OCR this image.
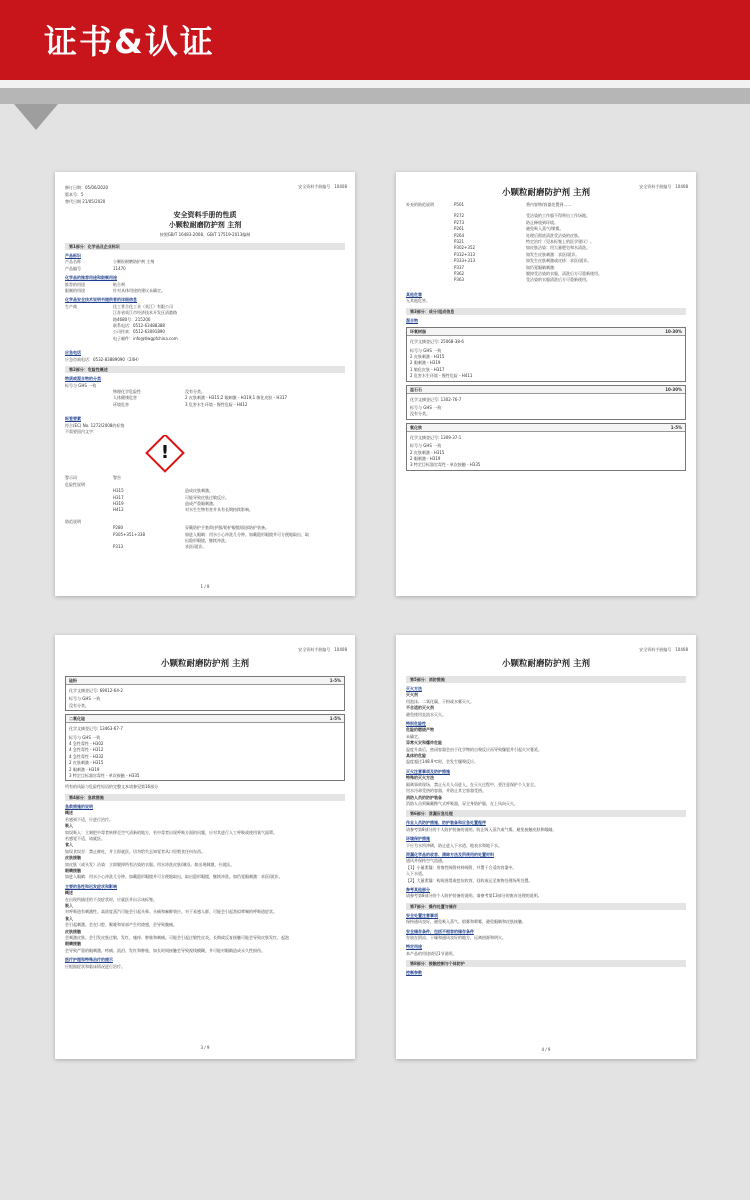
证书&认证
修订日期：05/06/2020
版本号：5
替代日期 21/05/2020
安全资料手册编号　10408
安全资料手册的性质
小颗粒耐磨防护剂 主剂
按照GB/T 16483-2008、GB/T 17519-2013编制
第1部分：化学品及企业标识
产品标识
产品名称	小颗粒耐磨防护剂 主剂
产品编号	11470
化学品的推荐用途和限制用途
推荐的用途	粘合剂
限制的用途	针对具体用途的建议未确定。
化学品安全技术说明书提供者的详细信息
生产商	佳工普合化工业（英江）有限公司
江苏省英江市经济技术开发区清港路
路4680号：215200
联系电话：0512-63488388
公司传真：0512-63091890
电子邮件：info@tlwgpfchina.com
应急电话
应急咨询电话：0532-83889090（24H）
第2部分：危险性概述
物质或混合物的分类
标号与 GHS 一致
物理化学危险性	没有分类。
人体健康危害	2 皮肤刺激 - H315;2 眼刺激 - H319;1 敏化皮肤 - H317
环境危害	3 危害水生环境 - 慢性危险 - H412
标签要素
符合(EC) No. 1272/2008的标签
不需要国内文字：
!
警示词	警告
危险性说明
H315	造成皮肤刺激。
H317	可能导致皮肤过敏反应。
H319	造成严重眼刺激。
H412	对水生生物有害并具有长期持续影响。
防范说明
P280	穿戴防护手套/防护服/防护眼镜/面部防护装备。
P305+351+338	如进入眼睛：用水小心冲洗几分钟。如戴隐形眼镜并可方便地取出，取
出隐形眼镜，继续冲洗。
P313	求医/就诊。
1 / 9
安全资料手册编号　10408
小颗粒耐磨防护剂 主剂
补充的防范说明	P501	将内容物/容器处置到……
P272	受沾染的工作服不得带出工作场地。
P273	防止释放到环境。
P261	避免吸入蒸气/喷雾。
P264	处理后彻底清洗受沾染的皮肤。
P321	特定治疗（见本标签上的医学建议）。
P302+352	如皮肤沾染：用大量肥皂和水清洗。
P332+313	如发生皮肤刺激：求医/就诊。
P333+313	如发生皮肤刺激或皮疹：求医/就诊。
P337	如仍觉眼睛刺激：
P362	脱掉受沾染的衣服，清洗后方可重新使用。
P363	受沾染的衣服清洗后方可重新使用。
其他危害
无其他危害。
第3部分：成分/组成信息
混合物
环氧树脂	10-30%
化学文摘登记号: 25068-38-6
标号与 GHS 一致
2 皮肤刺激 - H315
2 眼刺激 - H319
1 敏化皮肤 - H317
2 危害水生环境 - 慢性危险 - H411
温石石	10-30%
化学文摘登记号: 1302-76-7
标号与 GHS 一致
没有分类。
氧化铁	1-5%
化学文摘登记号: 1309-37-1
标号与 GHS 一致
2 皮肤刺激 - H315
2 眼刺激 - H319
3 特定目标器官毒性 - 单次接触 - H335
安全资料手册编号　10408
小颗粒耐磨防护剂 主剂
硅粉	1-5%
化学文摘登记号: 69012-64-2
标号与 GHS 一致
没有分类。
二氧化硅	1-5%
化学文摘登记号: 13463-67-7
标号与 GHS 一致
4 急性毒性 - H302
4 急性毒性 - H312
4 急性毒性 - H332
2 皮肤刺激 - H315
2 眼刺激 - H319
3 特定目标器官毒性 - 单次接触 - H335
所有的风险与危险性短语的完整文本请参见第16部分
第4部分：急救措施
急救措施的说明
概述
若感到不适，应进行治疗。
吸入
如误吸入：立刻把中毒者转移至空气清新的地方，若中毒者出现呼吸方面的问题，应对其进行人工呼吸或使用氧气面罩。
若感觉不适，请就医。
食入
如误食误吞：禁止催吐，并立即就医。切勿给失去知觉者从口里喂食任何东西。
皮肤接触
如皮肤（或头发）沾染：立即脱掉所有沾染的衣服。用水冲洗皮肤/淋浴。如出现刺激，应就医。
眼睛接触
如进入眼睛：用水小心冲洗几分钟。如戴隐形眼镜并可方便地取出，取出隐形眼镜，继续冲洗。如仍觉眼刺激：求医/就诊。
主要的急性和迟发症状和影响
概述
在出现所描述的不良症状时，应就医并出示该标签。
吸入
对呼吸道有刺激性。高浓度蒸汽可能会引起头晕、头痛和麻醉效应。对于易感人群，可能会引起类似哮喘的呼吸道症状。
食入
会引起刺激，会在口腔、喉咙和胃部产生灼烧感，会导致腹痛。
皮肤接触
会刺激皮肤。会引发皮肤过敏，发红、瘙痒、肿胀和刺痛。可能会引起过敏性皮炎。长期或反复接触可能会导致皮肤发红、起泡
眼睛接触
会导致严重的眼刺激，疼痛、流泪、发红和肿胀，如长时间接触会导致视线模糊，并可能对眼睛造成永久性损伤。
医疗护理和特殊治疗的提示
应根据症状和临床情况进行治疗。
3 / 9
安全资料手册编号　10408
小颗粒耐磨防护剂 主剂
第5部分：消防措施
灭火方法
灭火剂
用泡沫、二氧化碳、干粉或水雾灭火。
不合适的灭火剂
避免使用直流水灭火。
特别危险性
危险的燃烧产物
未确定。
异常火灾和爆炸危险
温度升高后，密闭容器会由于化学物的自聚反应而导致爆裂并引起火灾蔓延。
具体的危险
温度超过148.9℃时，会发生爆聚反应。
灭火注意事项及防护措施
特殊的灭火方法
隔离事故现场，禁止无关人员进入。在灭火过程中，要注意保护个人安全。
用水冷却受热的容器，并防止其它容器受热。
消防人员的防护装备
消防人员须佩戴携气式呼吸器，穿全身防护服，在上风向灭火。
第6部分：泄漏应急处理
作业人员防护措施、防护装备和应急处置程序
请参考第8部分的个人防护装备的说明。防止吸入蒸汽或气雾。避免接触皮肤和眼睛。
环境保护措施
不应为水所冲刷，防止进入下水道、地表水和地下水。
泄漏化学品的收容、清除方法及所使用的处置材料
通风并保持空气流通。
【1】小量泄漏：用惰性吸附材料吸附，并置于合适的容器中。
入下水道。
【2】大量泄漏：构筑围堤或挖坑收容，回收或运至废物处理场所处置。
参考其他部分
请参考第8部分的个人防护装备的说明。请参考第13部分的废弃处理的说明。
第7部分：操作处置与储存
安全处置注意事项
保持通风良好，避免吸入蒸气、烟雾和喷雾，避免眼睛和皮肤接触。
安全储存条件，包括不相容的储存条件
存放在阴凉、干燥和通风良好的地方，远离热源和明火。
特定用途
本产品的用途请见1节说明。
第8部分：接触控制与个体防护
控制参数
4 / 9
